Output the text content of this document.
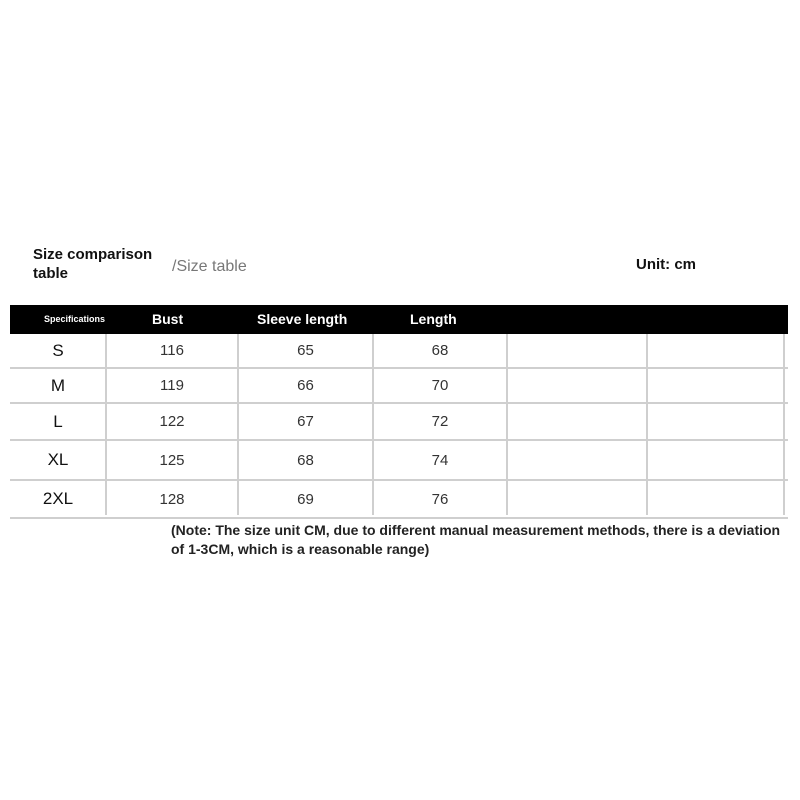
Size comparison table	/Size table	Unit: cm
Specifications	Bust	Sleeve length	Length
S	116	65	68
M	119	66	70
L	122	67	72
XL	125	68	74
2XL	128	69	76
(Note: The size unit CM, due to different manual measurement methods, there is a deviation of 1-3CM, which is a reasonable range)
